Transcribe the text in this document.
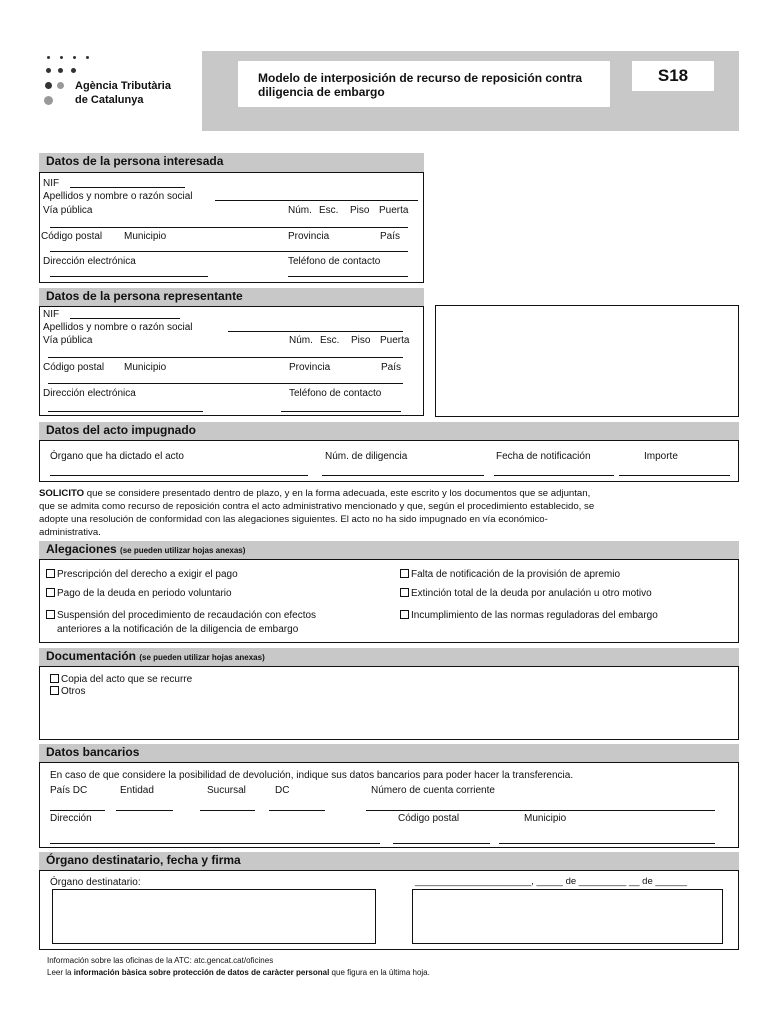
Agència Tributària
de Catalunya
Modelo de interposición de recurso de reposición contra
diligencia de embargo
S18
Datos de la persona interesada
NIF
Apellidos y nombre o razón social
Vía pública	Núm. Esc. Piso Puerta
Código postal Municipio	Provincia	País
Dirección electrónica	Teléfono de contacto
Datos de la persona representante
NIF
Apellidos y nombre o razón social
Vía pública	Núm. Esc. Piso Puerta
Código postal Municipio	Provincia	País
Dirección electrónica	Teléfono de contacto
Datos del acto impugnado
Órgano que ha dictado el acto	Núm. de diligencia	Fecha de notificación	Importe
SOLICITO que se considere presentado dentro de plazo, y en la forma adecuada, este escrito y los documentos que se adjuntan,
que se admita como recurso de reposición contra el acto administrativo mencionado y que, según el procedimiento establecido, se
adopte una resolución de conformidad con las alegaciones siguientes. El acto no ha sido impugnado en vía económico-
administrativa.
Alegaciones (se pueden utilizar hojas anexas)
Prescripción del derecho a exigir el pago
Pago de la deuda en periodo voluntario
Suspensión del procedimiento de recaudación con efectos
anteriores a la notificación de la diligencia de embargo
Falta de notificación de la provisión de apremio
Extinción total de la deuda por anulación u otro motivo
Incumplimiento de las normas reguladoras del embargo
Documentación (se pueden utilizar hojas anexas)
Copia del acto que se recurre
Otros
Datos bancarios
En caso de que considere la posibilidad de devolución, indique sus datos bancarios para poder hacer la transferencia.
País DC	Entidad	Sucursal	DC	Número de cuenta corriente
Dirección	Código postal	Municipio
Órgano destinatario, fecha y firma
Órgano destinatario:	______________________, _____ de _________ __ de ______
Información sobre las oficinas de la ATC: atc.gencat.cat/oficines
Leer la información bàsica sobre protección de datos de caràcter personal que figura en la última hoja.
